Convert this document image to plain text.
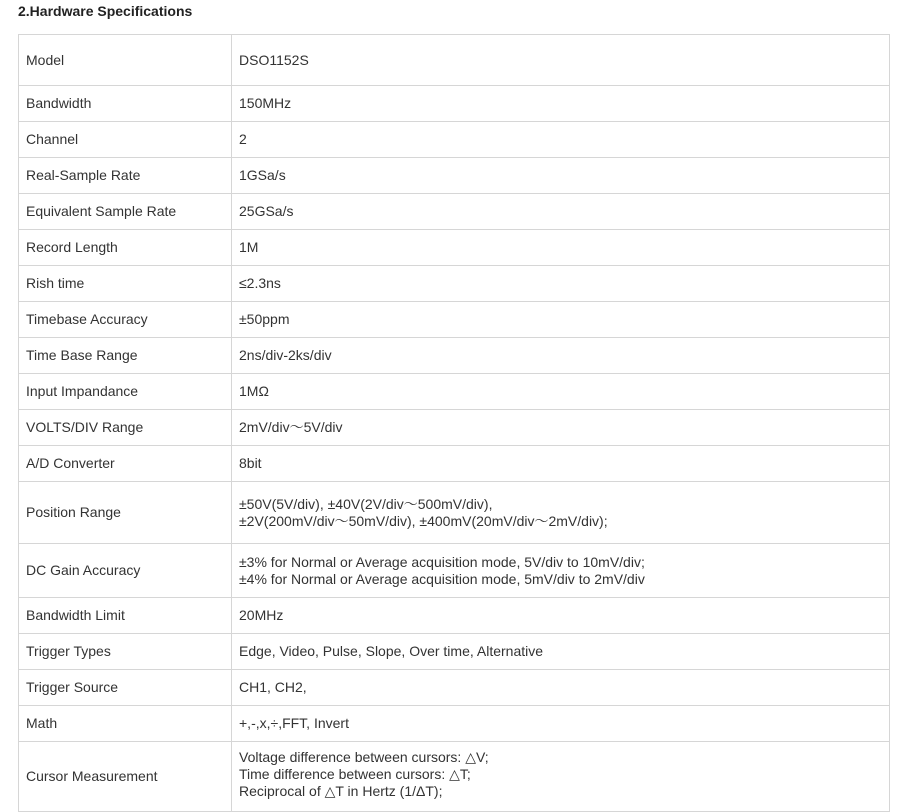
2.Hardware Specifications
Model	DSO1152S
Bandwidth	150MHz
Channel	2
Real-Sample Rate	1GSa/s
Equivalent Sample Rate	25GSa/s
Record Length	1M
Rish time	≤2.3ns
Timebase Accuracy	±50ppm
Time Base Range	2ns/div-2ks/div
Input Impandance	1MΩ
VOLTS/DIV Range	2mV/div～5V/div
A/D Converter	8bit
Position Range	±50V(5V/div), ±40V(2V/div～500mV/div),
±2V(200mV/div～50mV/div), ±400mV(20mV/div～2mV/div);

DC Gain Accuracy	±3% for Normal or Average acquisition mode, 5V/div to 10mV/div;
±4% for Normal or Average acquisition mode, 5mV/div to 2mV/div

Bandwidth Limit	20MHz
Trigger Types	Edge, Video, Pulse, Slope, Over time, Alternative
Trigger Source	CH1, CH2,
Math	+,-,x,÷,FFT, Invert
Cursor Measurement	Voltage difference between cursors: △V;
Time difference between cursors: △T;
Reciprocal of △T in Hertz (1/ΔT);
